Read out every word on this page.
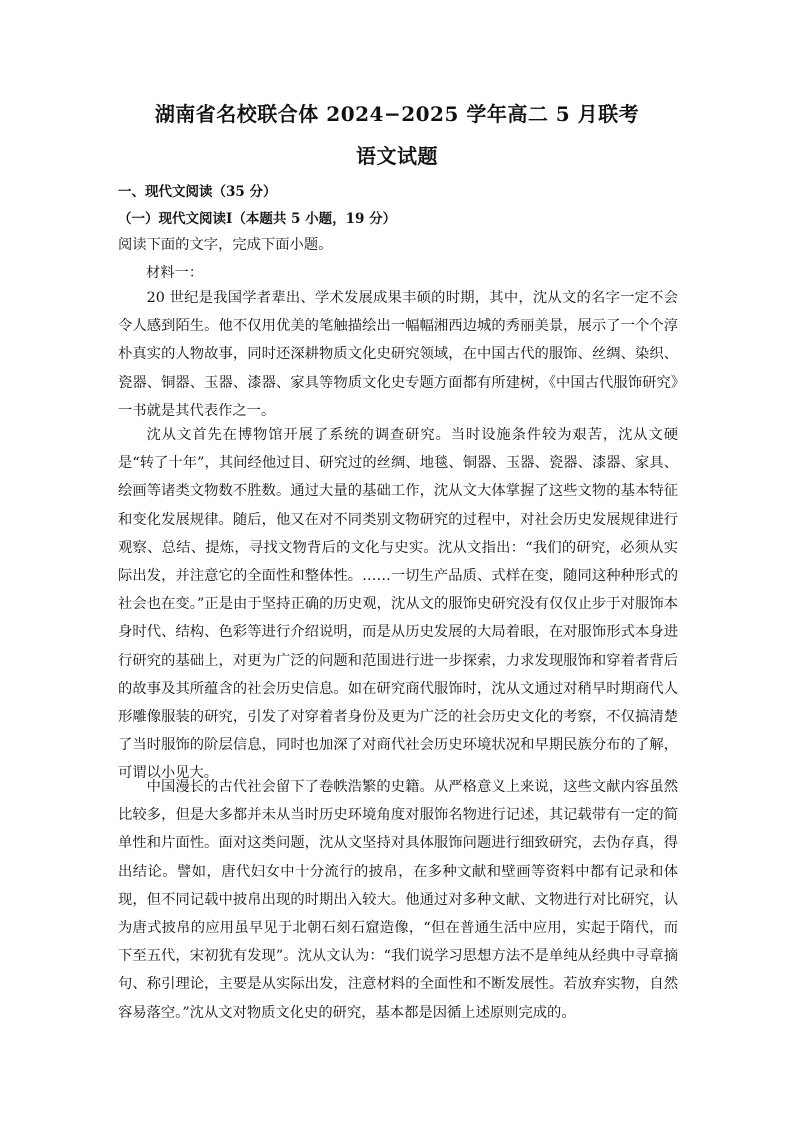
湖南省名校联合体 2024−2025 学年高二 5 月联考
语文试题
一、现代文阅读（35 分）
（一）现代文阅读Ⅰ（本题共 5 小题，19 分）
阅读下面的文字，完成下面小题。
材料一：
20 世纪是我国学者辈出、学术发展成果丰硕的时期，其中，沈从文的名字一定不会令人感到陌生。他不仅用优美的笔触描绘出一幅幅湘西边城的秀丽美景，展示了一个个淳朴真实的人物故事，同时还深耕物质文化史研究领域，在中国古代的服饰、丝绸、染织、瓷器、铜器、玉器、漆器、家具等物质文化史专题方面都有所建树，《中国古代服饰研究》一书就是其代表作之一。
沈从文首先在博物馆开展了系统的调查研究。当时设施条件较为艰苦，沈从文硬是“转了十年”，其间经他过目、研究过的丝绸、地毯、铜器、玉器、瓷器、漆器、家具、绘画等诸类文物数不胜数。通过大量的基础工作，沈从文大体掌握了这些文物的基本特征和变化发展规律。随后，他又在对不同类别文物研究的过程中，对社会历史发展规律进行观察、总结、提炼，寻找文物背后的文化与史实。沈从文指出：“我们的研究，必须从实际出发，并注意它的全面性和整体性。……一切生产品质、式样在变，随同这种种形式的社会也在变。”正是由于坚持正确的历史观，沈从文的服饰史研究没有仅仅止步于对服饰本身时代、结构、色彩等进行介绍说明，而是从历史发展的大局着眼，在对服饰形式本身进行研究的基础上，对更为广泛的问题和范围进行进一步探索，力求发现服饰和穿着者背后的故事及其所蕴含的社会历史信息。如在研究商代服饰时，沈从文通过对稍早时期商代人形雕像服装的研究，引发了对穿着者身份及更为广泛的社会历史文化的考察，不仅搞清楚了当时服饰的阶层信息，同时也加深了对商代社会历史环境状况和早期民族分布的了解，可谓以小见大。
中国漫长的古代社会留下了卷帙浩繁的史籍。从严格意义上来说，这些文献内容虽然比较多，但是大多都并未从当时历史环境角度对服饰名物进行记述，其记载带有一定的简单性和片面性。面对这类问题，沈从文坚持对具体服饰问题进行细致研究，去伪存真，得出结论。譬如，唐代妇女中十分流行的披帛，在多种文献和壁画等资料中都有记录和体现，但不同记载中披帛出现的时期出入较大。他通过对多种文献、文物进行对比研究，认为唐式披帛的应用虽早见于北朝石刻石窟造像，“但在普通生活中应用，实起于隋代，而下至五代，宋初犹有发现”。沈从文认为：“我们说学习思想方法不是单纯从经典中寻章摘句、称引理论，主要是从实际出发，注意材料的全面性和不断发展性。若放弃实物，自然容易落空。”沈从文对物质文化史的研究，基本都是因循上述原则完成的。
